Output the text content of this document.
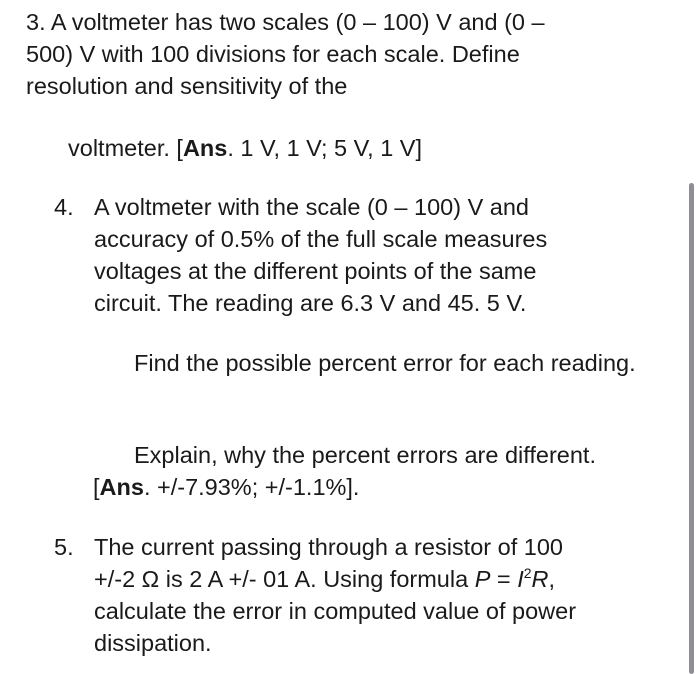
3. A voltmeter has two scales (0 – 100) V and (0 –
500) V with 100 divisions for each scale. Define
resolution and sensitivity of the
voltmeter. [Ans. 1 V, 1 V; 5 V, 1 V]
4. A voltmeter with the scale (0 – 100) V and
accuracy of 0.5% of the full scale measures
voltages at the different points of the same
circuit. The reading are 6.3 V and 45. 5 V.

Find the possible percent error for each reading.

Explain, why the percent errors are different. [Ans. +/-7.93%; +/-1.1%].

5. The current passing through a resistor of 100
+/-2 Ω is 2 A +/- 01 A. Using formula $P = I^2R$,
calculate the error in computed value of power
dissipation.
